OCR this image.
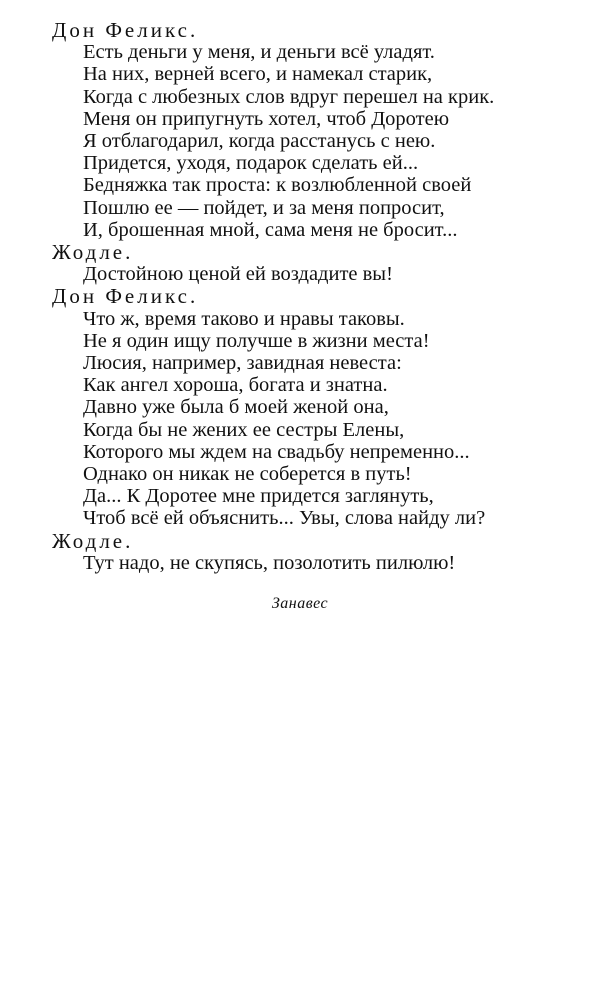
Дон Феликс.
Есть деньги у меня, и деньги всё уладят.
На них, верней всего, и намекал старик,
Когда с любезных слов вдруг перешел на крик.
Меня он припугнуть хотел, чтоб Доротею
Я отблагодарил, когда расстанусь с нею.
Придется, уходя, подарок сделать ей...
Бедняжка так проста: к возлюбленной своей
Пошлю ее — пойдет, и за меня попросит,
И, брошенная мной, сама меня не бросит...
Жодле.
Достойною ценой ей воздадите вы!
Дон Феликс.
Что ж, время таково и нравы таковы.
Не я один ищу получше в жизни места!
Люсия, например, завидная невеста:
Как ангел хороша, богата и знатна.
Давно уже была б моей женой она,
Когда бы не жених ее сестры Елены,
Которого мы ждем на свадьбу непременно...
Однако он никак не соберется в путь!
Да... К Доротее мне придется заглянуть,
Чтоб всё ей объяснить... Увы, слова найду ли?
Жодле.
Тут надо, не скупясь, позолотить пилюлю!
Занавес
